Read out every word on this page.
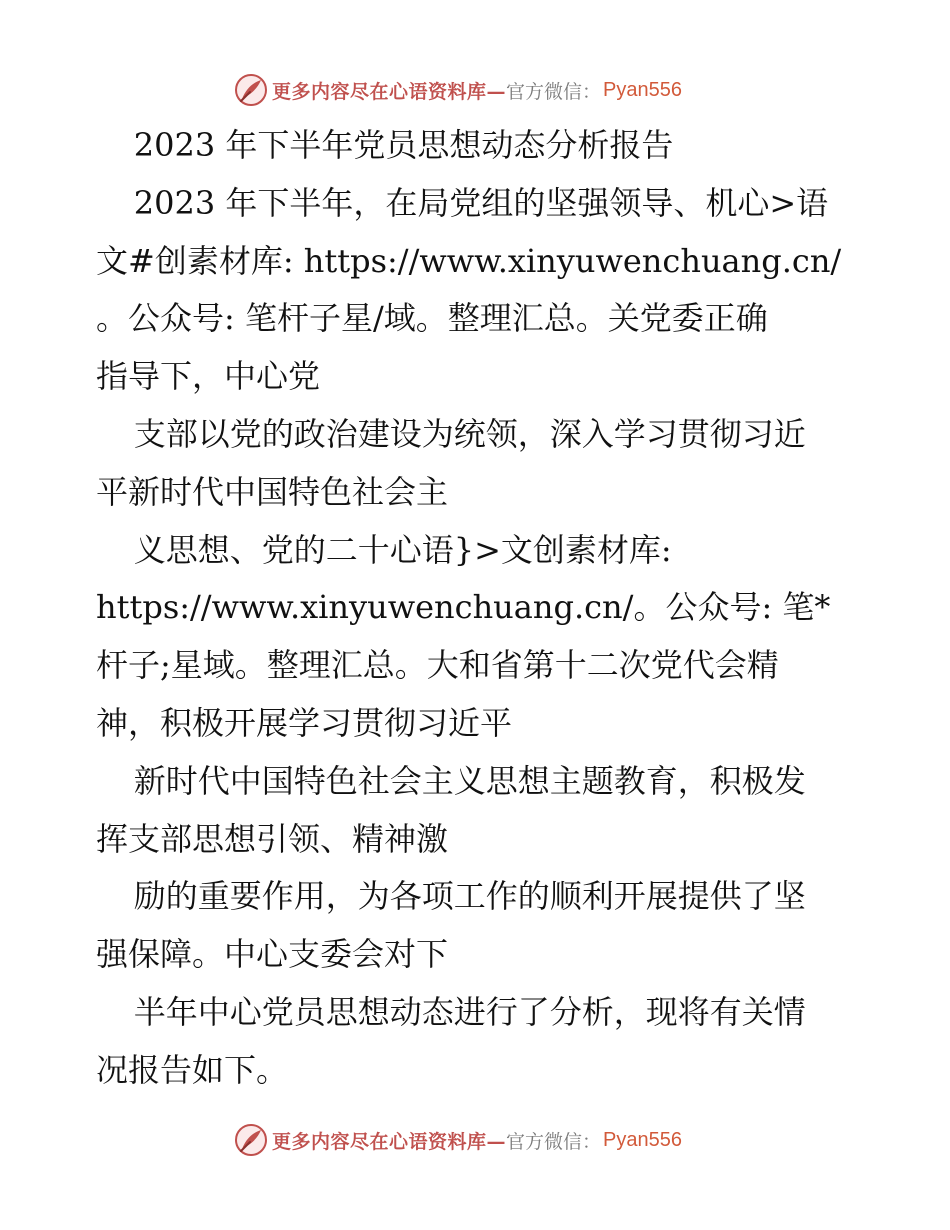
更多内容尽在心语资料库— 官方微信： Pyan556
2023 年下半年党员思想动态分析报告
2023 年下半年，在局党组的坚强领导、机心>语
文#创素材库: https://www.xinyuwenchuang.cn/
。公众号: 笔杆子星/域。整理汇总。关党委正确
指导下，中心党
支部以党的政治建设为统领，深入学习贯彻习近
平新时代中国特色社会主
义思想、党的二十心语}>文创素材库:
https://www.xinyuwenchuang.cn/。公众号: 笔*
杆子;星域。整理汇总。大和省第十二次党代会精
神，积极开展学习贯彻习近平
新时代中国特色社会主义思想主题教育，积极发
挥支部思想引领、精神激
励的重要作用，为各项工作的顺利开展提供了坚
强保障。中心支委会对下
半年中心党员思想动态进行了分析，现将有关情
况报告如下。
更多内容尽在心语资料库— 官方微信： Pyan556
